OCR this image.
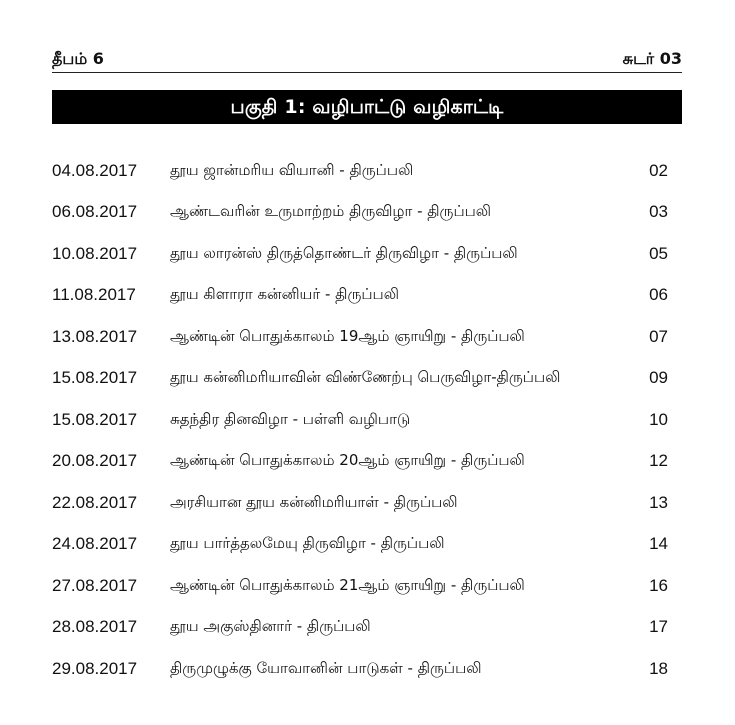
தீபம் 6	சுடர் 03
பகுதி 1: வழிபாட்டு வழிகாட்டி
04.08.2017	தூய ஜான்மரிய வியானி - திருப்பலி	02
06.08.2017	ஆண்டவரின் உருமாற்றம் திருவிழா - திருப்பலி	03
10.08.2017	தூய லாரன்ஸ் திருத்தொண்டர் திருவிழா - திருப்பலி	05
11.08.2017	தூய கிளாரா கன்னியர் - திருப்பலி	06
13.08.2017	ஆண்டின் பொதுக்காலம் 19ஆம் ஞாயிறு - திருப்பலி	07
15.08.2017	தூய கன்னிமரியாவின் விண்ணேற்பு பெருவிழா-திருப்பலி	09
15.08.2017	சுதந்திர தினவிழா - பள்ளி வழிபாடு	10
20.08.2017	ஆண்டின் பொதுக்காலம் 20ஆம் ஞாயிறு - திருப்பலி	12
22.08.2017	அரசியான தூய கன்னிமரியாள் - திருப்பலி	13
24.08.2017	தூய பார்த்தலமேயு திருவிழா - திருப்பலி	14
27.08.2017	ஆண்டின் பொதுக்காலம் 21ஆம் ஞாயிறு - திருப்பலி	16
28.08.2017	தூய அகுஸ்தினார் - திருப்பலி	17
29.08.2017	திருமுழுக்கு யோவானின் பாடுகள் - திருப்பலி	18
